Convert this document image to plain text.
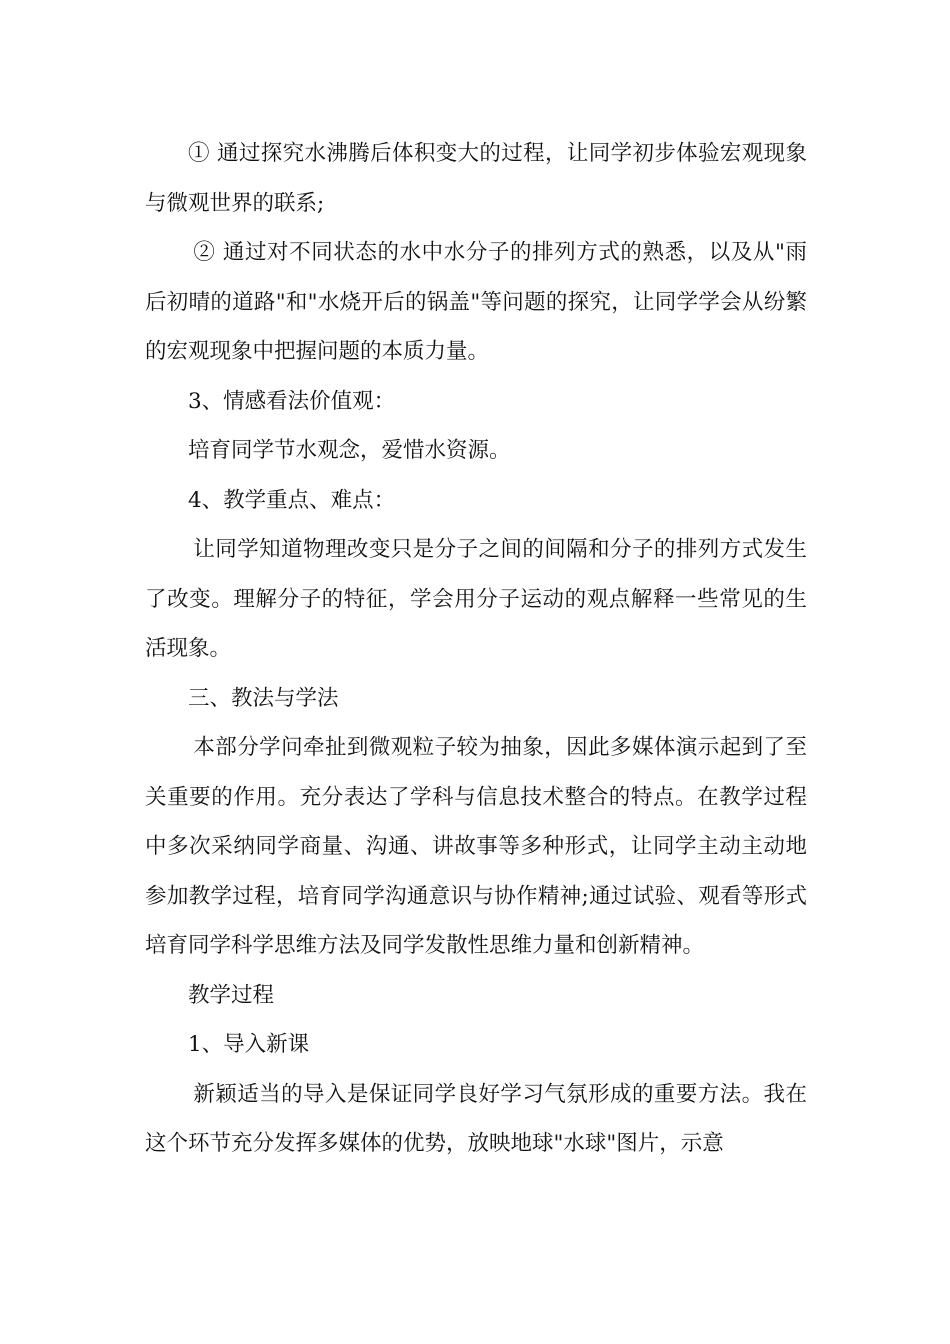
① 通过探究水沸腾后体积变大的过程，让同学初步体验宏观现象与微观世界的联系;

② 通过对不同状态的水中水分子的排列方式的熟悉，以及从"雨后初晴的道路"和"水烧开后的锅盖"等问题的探究，让同学学会从纷繁的宏观现象中把握问题的本质力量。

3、情感看法价值观：

培育同学节水观念，爱惜水资源。

4、教学重点、难点：

让同学知道物理改变只是分子之间的间隔和分子的排列方式发生了改变。理解分子的特征，学会用分子运动的观点解释一些常见的生活现象。

三、教法与学法

本部分学问牵扯到微观粒子较为抽象，因此多媒体演示起到了至关重要的作用。充分表达了学科与信息技术整合的特点。在教学过程中多次采纳同学商量、沟通、讲故事等多种形式，让同学主动主动地参加教学过程，培育同学沟通意识与协作精神;通过试验、观看等形式培育同学科学思维方法及同学发散性思维力量和创新精神。

教学过程

1、导入新课

新颖适当的导入是保证同学良好学习气氛形成的重要方法。我在这个环节充分发挥多媒体的优势，放映地球"水球"图片，示意
